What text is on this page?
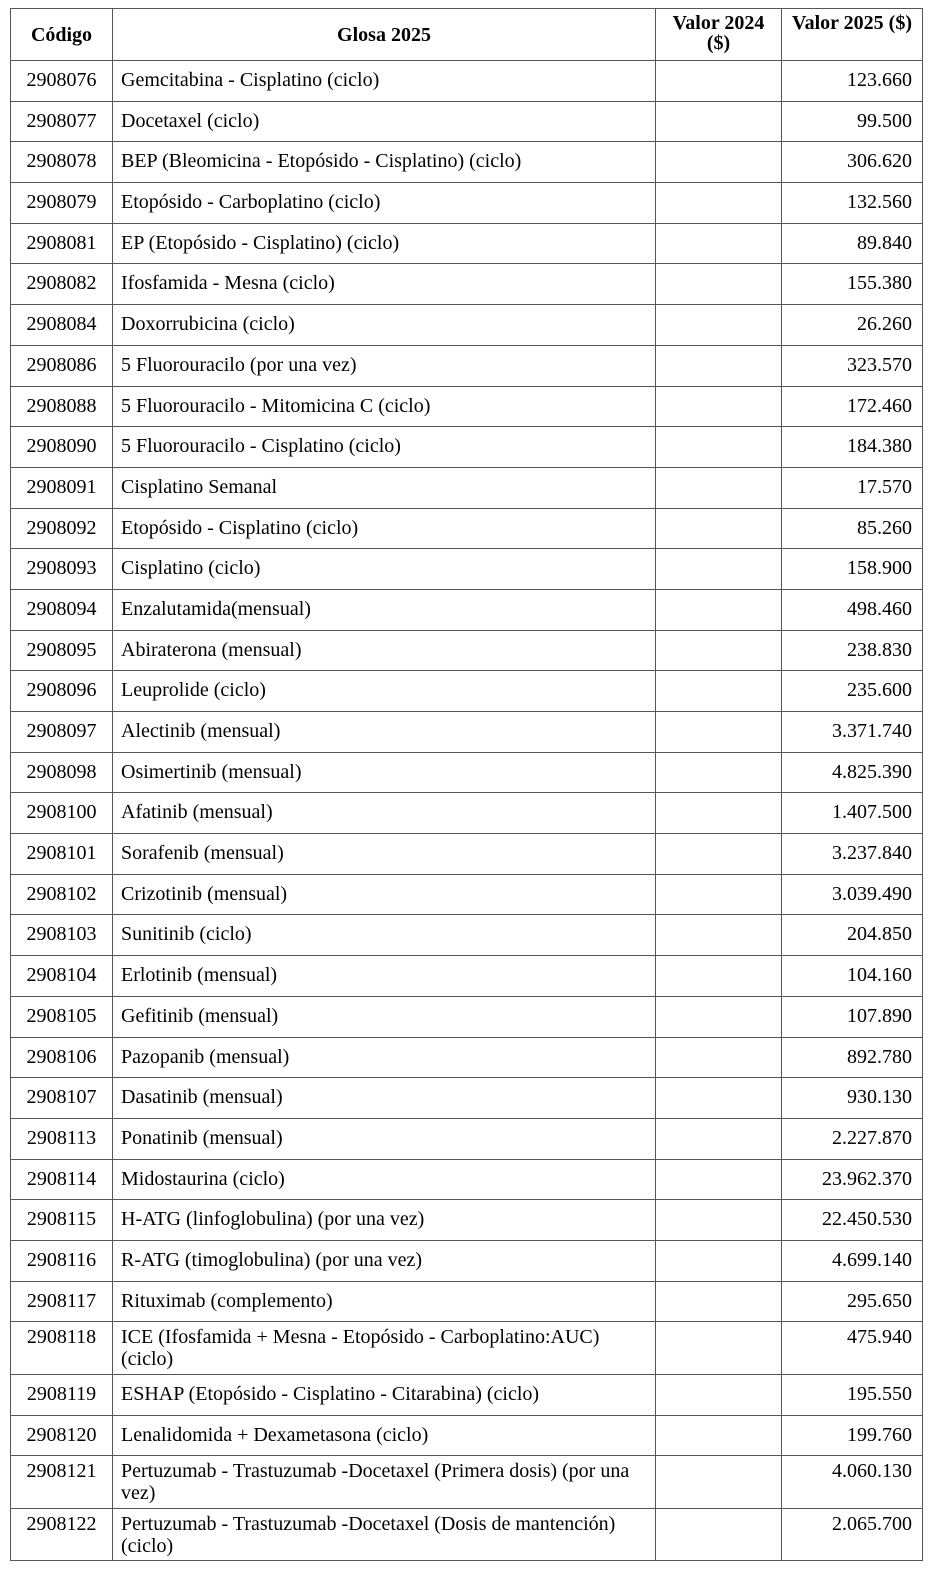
Código	Glosa 2025	Valor 2024 ($)	Valor 2025 ($)
2908076	Gemcitabina - Cisplatino (ciclo)		123.660
2908077	Docetaxel (ciclo)		99.500
2908078	BEP (Bleomicina - Etopósido - Cisplatino) (ciclo)		306.620
2908079	Etopósido - Carboplatino (ciclo)		132.560
2908081	EP (Etopósido - Cisplatino) (ciclo)		89.840
2908082	Ifosfamida - Mesna (ciclo)		155.380
2908084	Doxorrubicina (ciclo)		26.260
2908086	5 Fluorouracilo (por una vez)		323.570
2908088	5 Fluorouracilo - Mitomicina C (ciclo)		172.460
2908090	5 Fluorouracilo - Cisplatino (ciclo)		184.380
2908091	Cisplatino Semanal		17.570
2908092	Etopósido - Cisplatino (ciclo)		85.260
2908093	Cisplatino (ciclo)		158.900
2908094	Enzalutamida(mensual)		498.460
2908095	Abiraterona (mensual)		238.830
2908096	Leuprolide (ciclo)		235.600
2908097	Alectinib (mensual)		3.371.740
2908098	Osimertinib (mensual)		4.825.390
2908100	Afatinib (mensual)		1.407.500
2908101	Sorafenib (mensual)		3.237.840
2908102	Crizotinib (mensual)		3.039.490
2908103	Sunitinib (ciclo)		204.850
2908104	Erlotinib (mensual)		104.160
2908105	Gefitinib (mensual)		107.890
2908106	Pazopanib (mensual)		892.780
2908107	Dasatinib (mensual)		930.130
2908113	Ponatinib (mensual)		2.227.870
2908114	Midostaurina (ciclo)		23.962.370
2908115	H-ATG (linfoglobulina) (por una vez)		22.450.530
2908116	R-ATG (timoglobulina) (por una vez)		4.699.140
2908117	Rituximab (complemento)		295.650
2908118	ICE (Ifosfamida + Mesna - Etopósido - Carboplatino:AUC) (ciclo)		475.940
2908119	ESHAP (Etopósido - Cisplatino - Citarabina) (ciclo)		195.550
2908120	Lenalidomida + Dexametasona (ciclo)		199.760
2908121	Pertuzumab - Trastuzumab -Docetaxel (Primera dosis) (por una vez)		4.060.130
2908122	Pertuzumab - Trastuzumab -Docetaxel (Dosis de mantención) (ciclo)		2.065.700
